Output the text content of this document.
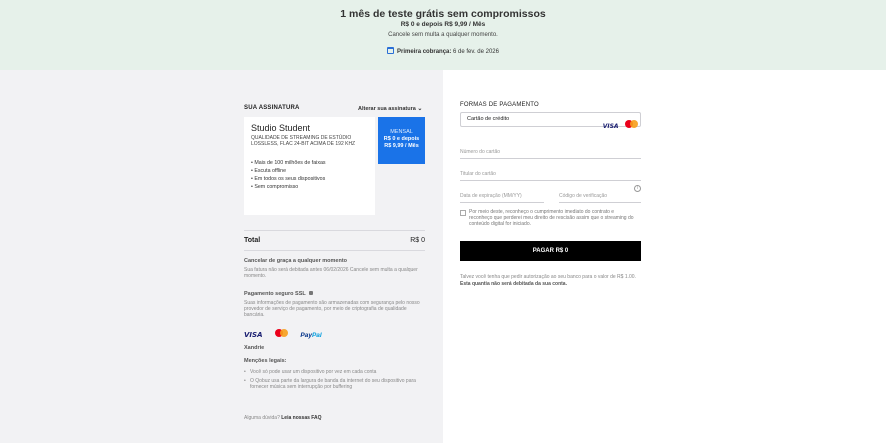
1 mês de teste grátis sem compromissos
R$ 0 e depois R$ 9,99 / Mês
Cancele sem multa a qualquer momento.
Primeira cobrança: 6 de fev. de 2026
SUA ASSINATURA	Alterar sua assinatura ⌄
Studio Student
QUALIDADE DE STREAMING DE ESTÚDIO LOSSLESS, FLAC 24-BIT ACIMA DE 192 KHZ
• Mais de 100 milhões de faixas
• Escuta offline
• Em todos os seus dispositivos
• Sem compromisso
MENSAL
R$ 0 e depois
R$ 9,99 / Mês
Total	R$ 0
Cancelar de graça a qualquer momento
Sua fatura não será debitada antes 06/02/2026 Cancele sem multa a qualquer momento.
Pagamento seguro SSL
Suas informações de pagamento são armazenadas com segurança pelo nosso provedor de serviço de pagamento, por meio de criptografia de qualidade bancária.
VISA	PayPal
Xandrie
Menções legais:
• Você só pode usar um dispositivo por vez em cada conta
• O Qobuz usa parte da largura de banda da internet do seu dispositivo para fornecer música sem interrupção por buffering
Alguma dúvida? Leia nossas FAQ
FORMAS DE PAGAMENTO
Cartão de crédito
VISA
Número do cartão
Titular do cartão
Data de expiração (MM/YY)
Código de verificação
i
Por meio deste, reconheço o cumprimento imediato do contrato e reconheço que perderei meu direito de rescisão assim que o streaming do conteúdo digital for iniciado.
PAGAR R$ 0
Talvez você tenha que pedir autorização ao seu banco para o valor de R$ 1.00. Esta quantia não será debitada da sua conta.
